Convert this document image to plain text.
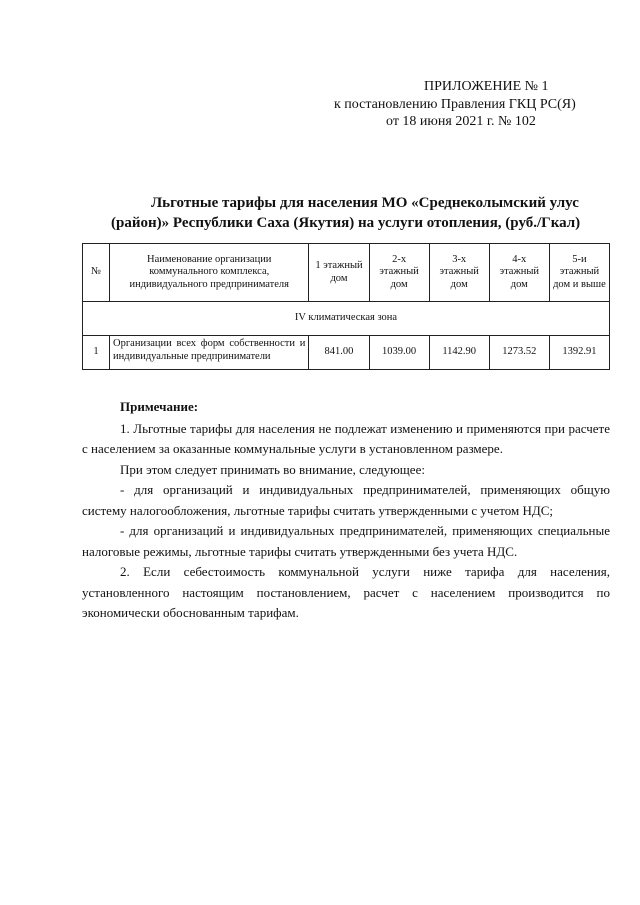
ПРИЛОЖЕНИЕ № 1
к постановлению Правления ГКЦ РС(Я)
от 18 июня 2021 г. № 102
Льготные тарифы для населения МО «Среднеколымский улус
(район)» Республики Саха (Якутия) на услуги отопления, (руб./Гкал)
№	Наименование организации коммунального комплекса, индивидуального предпринимателя	1 этажный дом	2-х этажный дом	3-х этажный дом	4-х этажный дом	5-и этажный дом и выше
IV климатическая зона						
1	Организации всех форм собственности и индивидуальные предприниматели	841.00	1039.00	1142.90	1273.52	1392.91

Примечание:

1. Льготные тарифы для населения не подлежат изменению и применяются при расчете с населением за оказанные коммунальные услуги в установленном размере.

При этом следует принимать во внимание, следующее:

- для организаций и индивидуальных предпринимателей, применяющих общую систему налогообложения, льготные тарифы считать утвержденными с учетом НДС;

- для организаций и индивидуальных предпринимателей, применяющих специальные налоговые режимы, льготные тарифы считать утвержденными без учета НДС.

2. Если себестоимость коммунальной услуги ниже тарифа для населения, установленного настоящим постановлением, расчет с населением производится по экономически обоснованным тарифам.
